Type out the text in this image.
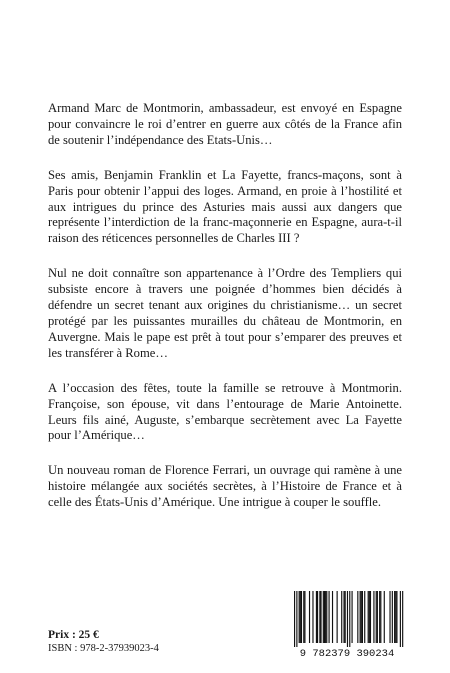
Armand Marc de Montmorin, ambassadeur, est envoyé en Espagne pour convaincre le roi d’entrer en guerre aux côtés de la France afin de soutenir l’indépendance des Etats-Unis…

Ses amis, Benjamin Franklin et La Fayette, francs-maçons, sont à Paris pour obtenir l’appui des loges. Armand, en proie à l’hostilité et aux intrigues du prince des Asturies mais aussi aux dangers que représente l’interdiction de la franc-maçonnerie en Espagne, aura-t-il raison des réticences personnelles de Charles III ?

Nul ne doit connaître son appartenance à l’Ordre des Templiers qui subsiste encore à travers une poignée d’hommes bien décidés à défendre un secret tenant aux origines du christianisme… un secret protégé par les puissantes murailles du château de Montmorin, en Auvergne. Mais le pape est prêt à tout pour s’emparer des preuves et les transférer à Rome…

A l’occasion des fêtes, toute la famille se retrouve à Montmorin. Françoise, son épouse, vit dans l’entourage de Marie Antoinette. Leurs fils ainé, Auguste, s’embarque secrètement avec La Fayette pour l’Amérique…

Un nouveau roman de Florence Ferrari, un ouvrage qui ramène à une histoire mélangée aux sociétés secrètes, à l’Histoire de France et à celle des États-Unis d’Amérique. Une intrigue à couper le souffle.

Prix : 25 €
ISBN : 978-2-37939023-4	9 782379 390234
